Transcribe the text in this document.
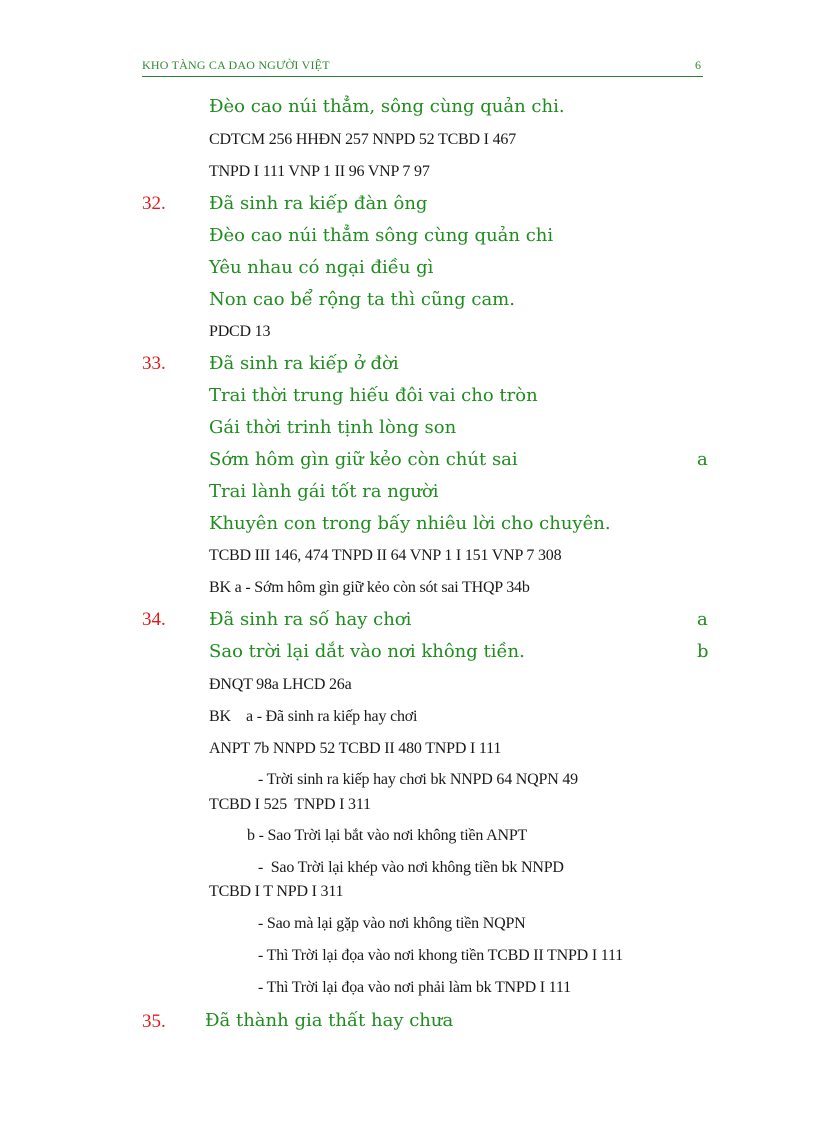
KHO TÀNG CA DAO NGƯỜI VIỆT	6
Đèo cao núi thẳm, sông cùng quản chi.
CDTCM 256 HHĐN 257 NNPD 52 TCBD I 467
TNPD I 111 VNP 1 II 96 VNP 7 97
32. Đã sinh ra kiếp đàn ông
Đèo cao núi thẳm sông cùng quản chi
Yêu nhau có ngại điều gì
Non cao bể rộng ta thì cũng cam.
PDCD 13
33. Đã sinh ra kiếp ở đời
Trai thời trung hiếu đôi vai cho tròn
Gái thời trinh tịnh lòng son
Sớm hôm gìn giữ kẻo còn chút sai	a
Trai lành gái tốt ra người
Khuyên con trong bấy nhiêu lời cho chuyên.
TCBD III 146, 474 TNPD II 64 VNP 1 I 151 VNP 7 308
BK a - Sớm hôm gìn giữ kẻo còn sót sai THQP 34b
34. Đã sinh ra số hay chơi	a
Sao trời lại dắt vào nơi không tiền.	b
ĐNQT 98a LHCD 26a
BK    a - Đã sinh ra kiếp hay chơi
ANPT 7b NNPD 52 TCBD II 480 TNPD I 111
- Trời sinh ra kiếp hay chơi bk NNPD 64 NQPN 49
TCBD I 525  TNPD I 311
b - Sao Trời lại bắt vào nơi không tiền ANPT
-  Sao Trời lại khép vào nơi không tiền bk NNPD
TCBD I T NPD I 311
- Sao mà lại gặp vào nơi không tiền NQPN
- Thì Trời lại đọa vào nơi khong tiền TCBD II TNPD I 111
- Thì Trời lại đọa vào nơi phải làm bk TNPD I 111
35. Đã thành gia thất hay chưa
